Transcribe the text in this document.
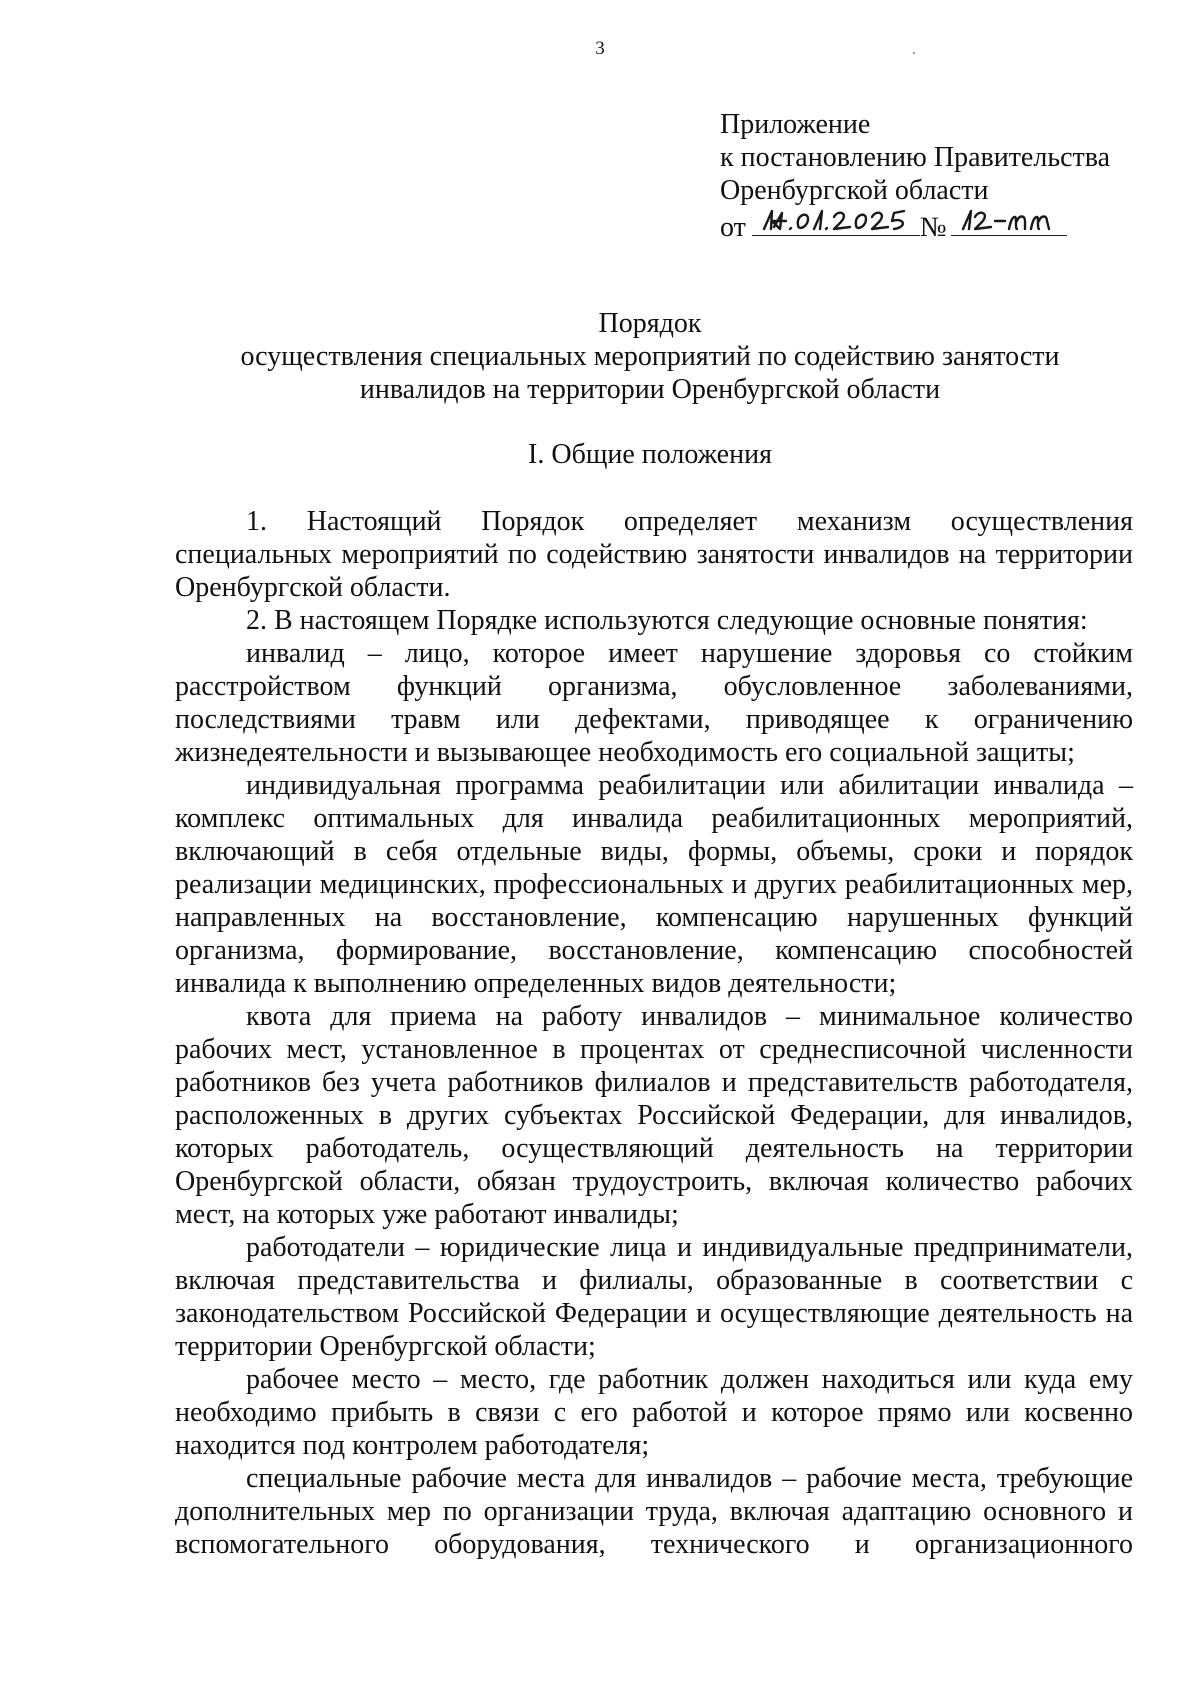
3
Приложение
к постановлению Правительства
Оренбургской области
от	№
Порядок
осуществления специальных мероприятий по содействию занятости
инвалидов на территории Оренбургской области
I. Общие положения

1. Настоящий Порядок определяет механизм осуществления специальных мероприятий по содействию занятости инвалидов на территории Оренбургской области.

2. В настоящем Порядке используются следующие основные понятия:

инвалид – лицо, которое имеет нарушение здоровья со стойким расстройством функций организма, обусловленное заболеваниями, последствиями травм или дефектами, приводящее к ограничению жизнедеятельности и вызывающее необходимость его социальной защиты;

индивидуальная программа реабилитации или абилитации инвалида – комплекс оптимальных для инвалида реабилитационных мероприятий, включающий в себя отдельные виды, формы, объемы, сроки и порядок реализации медицинских, профессиональных и других реабилитационных мер, направленных на восстановление, компенсацию нарушенных функций организма, формирование, восстановление, компенсацию способностей инвалида к выполнению определенных видов деятельности;

квота для приема на работу инвалидов – минимальное количество рабочих мест, установленное в процентах от среднесписочной численности работников без учета работников филиалов и представительств работодателя, расположенных в других субъектах Российской Федерации, для инвалидов, которых работодатель, осуществляющий деятельность на территории Оренбургской области, обязан трудоустроить, включая количество рабочих мест, на которых уже работают инвалиды;

работодатели – юридические лица и индивидуальные предприниматели, включая представительства и филиалы, образованные в соответствии с законодательством Российской Федерации и осуществляющие деятельность на территории Оренбургской области;

рабочее место – место, где работник должен находиться или куда ему необходимо прибыть в связи с его работой и которое прямо или косвенно находится под контролем работодателя;

специальные рабочие места для инвалидов – рабочие места, требующие дополнительных мер по организации труда, включая адаптацию основного и вспомогательного оборудования, технического и организационного
